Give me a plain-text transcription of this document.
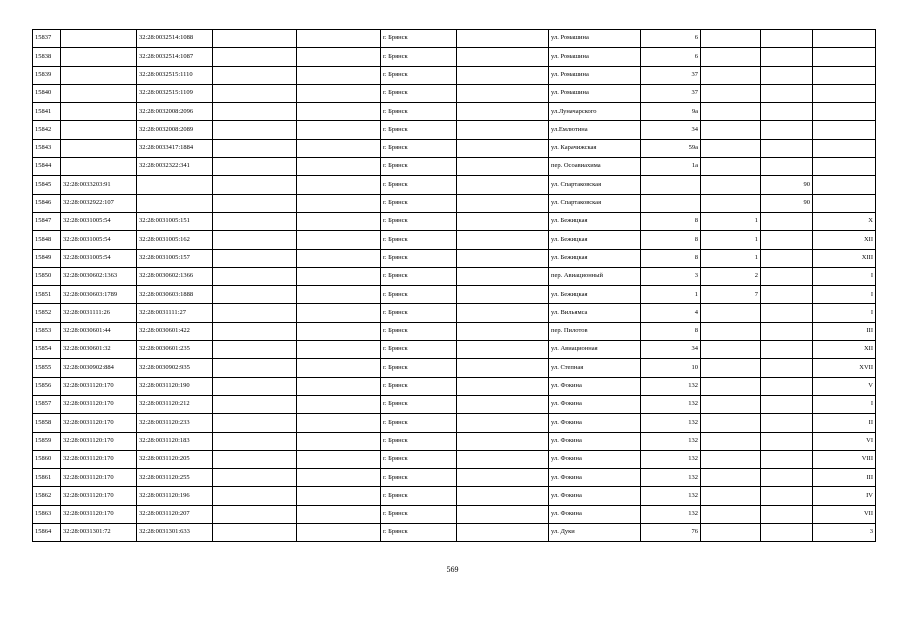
15837		32:28:0032514:1088			г. Брянск		ул. Ромашина	6			
15838		32:28:0032514:1087			г. Брянск		ул. Ромашина	6			
15839		32:28:0032515:1110			г. Брянск		ул. Ромашина	37			
15840		32:28:0032515:1109			г. Брянск		ул. Ромашина	37			
15841		32:28:0032008:2096			г. Брянск		ул.Луначарского	9а			
15842		32:28:0032008:2089			г. Брянск		ул.Емлютина	34			
15843		32:28:0033417:1884			г. Брянск		ул. Карачижская	59а			
15844		32:28:0032322:341			г. Брянск		пер. Осоавиахима	1а			
15845	32:28:0033203:91				г. Брянск		ул. Спартаковская			90	
15846	32:28:0032922:107				г. Брянск		ул. Спартаковская			90	
15847	32:28:0031005:54	32:28:0031005:151			г. Брянск		ул. Бежицкая	8	1		X
15848	32:28:0031005:54	32:28:0031005:162			г. Брянск		ул. Бежицкая	8	1		XII
15849	32:28:0031005:54	32:28:0031005:157			г. Брянск		ул. Бежицкая	8	1		XIII
15850	32:28:0030602:1363	32:28:0030602:1366			г. Брянск		пер. Авиационный	3	2		I
15851	32:28:0030603:1789	32:28:0030603:1888			г. Брянск		ул. Бежицкая	1	7		I
15852	32:28:0031111:26	32:28:0031111:27			г. Брянск		ул. Вильямса	4			I
15853	32:28:0030601:44	32:28:0030601:422			г. Брянск		пер. Пилотов	8			III
15854	32:28:0030601:32	32:28:0030601:235			г. Брянск		ул. Авиационная	34			XII
15855	32:28:0030902:884	32:28:0030902:935			г. Брянск		ул. Степная	10			XVII
15856	32:28:0031120:170	32:28:0031120:190			г. Брянск		ул. Фокина	132			V
15857	32:28:0031120:170	32:28:0031120:212			г. Брянск		ул. Фокина	132			I
15858	32:28:0031120:170	32:28:0031120:233			г. Брянск		ул. Фокина	132			II
15859	32:28:0031120:170	32:28:0031120:183			г. Брянск		ул. Фокина	132			VI
15860	32:28:0031120:170	32:28:0031120:205			г. Брянск		ул. Фокина	132			VIII
15861	32:28:0031120:170	32:28:0031120:255			г. Брянск		ул. Фокина	132			III
15862	32:28:0031120:170	32:28:0031120:196			г. Брянск		ул. Фокина	132			IV
15863	32:28:0031120:170	32:28:0031120:207			г. Брянск		ул. Фокина	132			VII
15864	32:28:0031301:72	32:28:0031301:633			г. Брянск		ул. Дуки	76			3
569
